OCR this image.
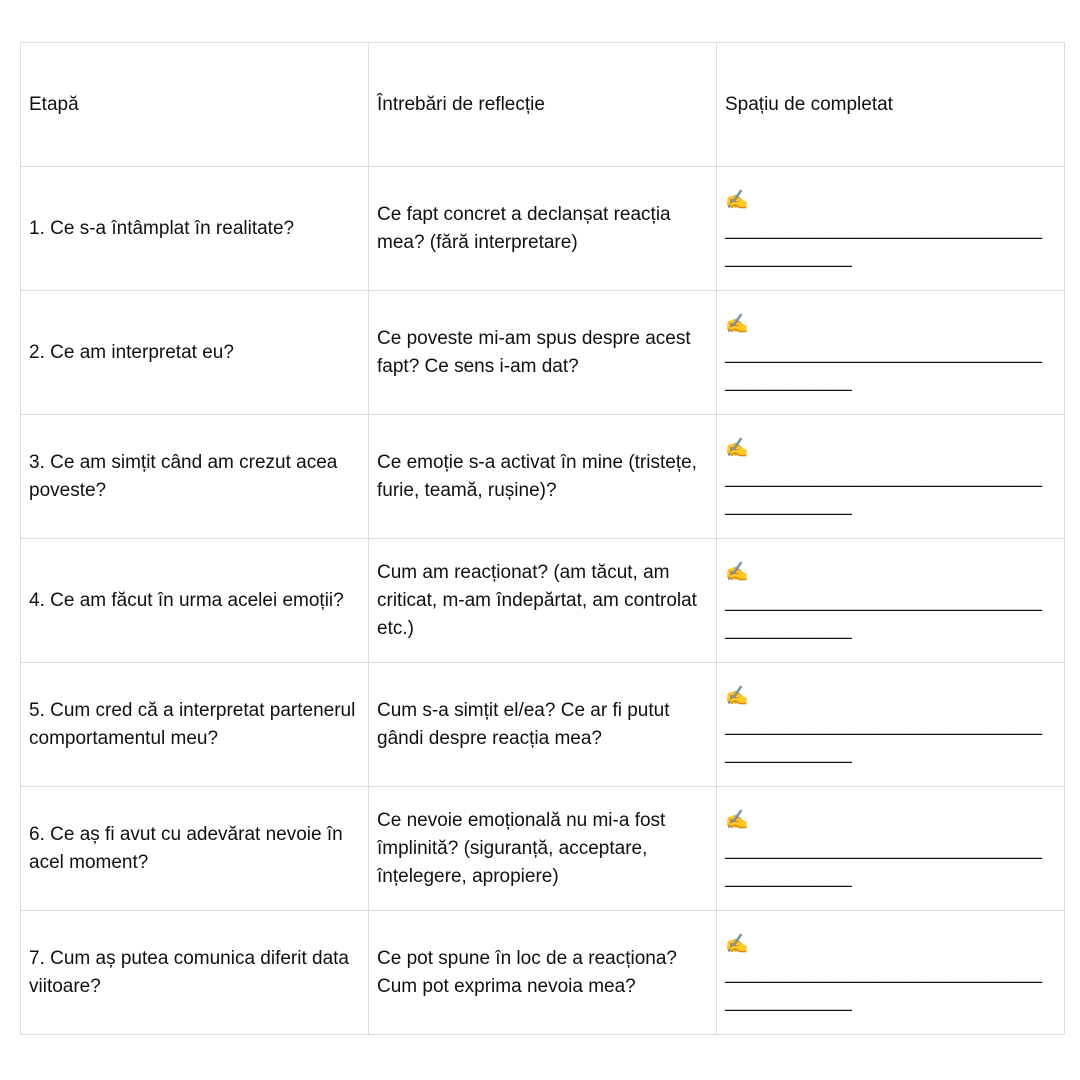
Etapă	Întrebări de reflecție	Spațiu de completat
1. Ce s-a întâmplat în realitate?	Ce fapt concret a declanșat reacția mea? (fără interpretare)	✍️
______________________________
____________

2. Ce am interpretat eu?	Ce poveste mi-am spus despre acest fapt? Ce sens i-am dat?	✍️
______________________________
____________

3. Ce am simțit când am crezut acea poveste?	Ce emoție s-a activat în mine (tristețe, furie, teamă, rușine)?	✍️
______________________________
____________

4. Ce am făcut în urma acelei emoții?	Cum am reacționat? (am tăcut, am criticat, m-am îndepărtat, am controlat etc.)	✍️
______________________________
____________

5. Cum cred că a interpretat partenerul comportamentul meu?	Cum s-a simțit el/ea? Ce ar fi putut gândi despre reacția mea?	✍️
______________________________
____________

6. Ce aș fi avut cu adevărat nevoie în acel moment?	Ce nevoie emoțională nu mi-a fost împlinită? (siguranță, acceptare, înțelegere, apropiere)	✍️
______________________________
____________

7. Cum aș putea comunica diferit data viitoare?	Ce pot spune în loc de a reacționa? Cum pot exprima nevoia mea?	✍️
______________________________
____________
